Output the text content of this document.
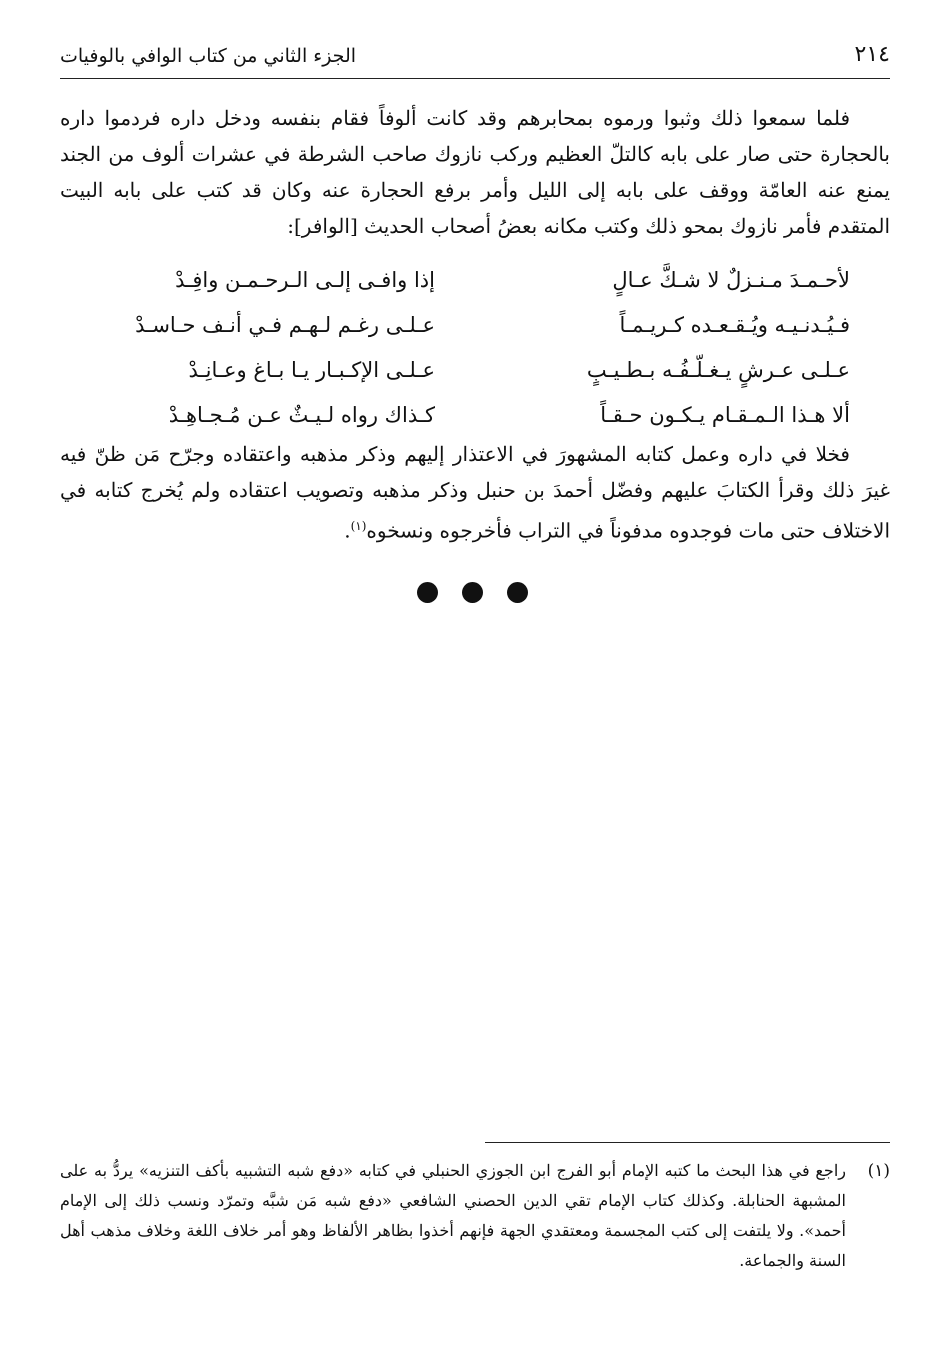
٢١٤
الجزء الثاني من كتاب الوافي بالوفيات

فلما سمعوا ذلك وثبوا ورموه بمحابرهم وقد كانت ألوفاً فقام بنفسه ودخل داره فردموا داره بالحجارة حتى صار على بابه كالتلّ العظيم وركب نازوك صاحب الشرطة في عشرات ألوف من الجند يمنع عنه العامّة ووقف على بابه إلى الليل وأمر برفع الحجارة عنه وكان قد كتب على بابه البيت المتقدم فأمر نازوك بمحو ذلك وكتب مكانه بعضُ أصحاب الحديث [الوافر]:

لأحـمـدَ مـنـزلٌ لا شـكَّ عـالٍ
إذا وافـى إلـى الـرحـمـن وافِـدْ
فـيُـدنـيـه ويُـقـعـده كـريـمـاً
عـلـى رغـم لـهـم فـي أنـف حـاسـدْ
عـلـى عـرشٍ يـغـلّـفُـه بـطـيـبٍ
عـلـى الإكـبـار يـا بـاغ وعـانِـدْ
ألا هـذا الـمـقـام يـكـون حـقـاً
كـذاك رواه لـيـثٌ عـن مُـجـاهِـدْ

فخلا في داره وعمل كتابه المشهورَ في الاعتذار إليهم وذكر مذهبه واعتقاده وجرّح مَن ظنّ فيه غيرَ ذلك وقرأ الكتابَ عليهم وفضّل أحمدَ بن حنبل وذكر مذهبه وتصويب اعتقاده ولم يُخرج كتابه في الاختلاف حتى مات فوجدوه مدفوناً في التراب فأخرجوه ونسخوه$^{(١)}$.

(١)
راجع في هذا البحث ما كتبه الإمام أبو الفرج ابن الجوزي الحنبلي في كتابه «دفع شبه التشبيه بأكف التنزيه» يردُّ به على المشبهة الحنابلة. وكذلك كتاب الإمام تقي الدين الحصني الشافعي «دفع شبه مَن شبَّه وتمرّد ونسب ذلك إلى الإمام أحمد». ولا يلتفت إلى كتب المجسمة ومعتقدي الجهة فإنهم أخذوا بظاهر الألفاظ وهو أمر خلاف اللغة وخلاف مذهب أهل السنة والجماعة.
